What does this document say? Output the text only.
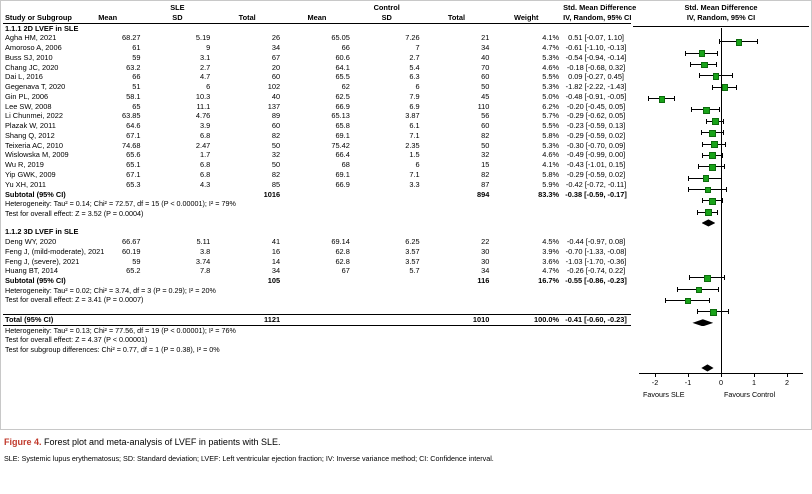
	SLE			Control				Std. Mean Difference
Study or Subgroup	Mean	SD	Total	Mean	SD	Total	Weight	IV, Random, 95% CI
1.1.1 2D LVEF in SLE								
Agha HM, 2021	68.27	5.19	26	65.05	7.26	21	4.1%	0.51 [-0.07, 1.10]
Amoroso A, 2006	61	9	34	66	7	34	4.7%	-0.61 [-1.10, -0.13]
Buss SJ, 2010	59	3.1	67	60.6	2.7	40	5.3%	-0.54 [-0.94, -0.14]
Chang JC, 2020	63.2	2.7	20	64.1	5.4	70	4.6%	-0.18 [-0.68, 0.32]
Dai L, 2016	66	4.7	60	65.5	6.3	60	5.5%	0.09 [-0.27, 0.45]
Gegenava T, 2020	51	6	102	62	6	50	5.3%	-1.82 [-2.22, -1.43]
Gin PL, 2006	58.1	10.3	40	62.5	7.9	45	5.0%	-0.48 [-0.91, -0.05]
Lee SW, 2008	65	11.1	137	66.9	6.9	110	6.2%	-0.20 [-0.45, 0.05]
Li Chunmei, 2022	63.85	4.76	89	65.13	3.87	56	5.7%	-0.29 [-0.62, 0.05]
Plazak W, 2011	64.6	3.9	60	65.8	6.1	60	5.5%	-0.23 [-0.59, 0.13]
Shang Q, 2012	67.1	6.8	82	69.1	7.1	82	5.8%	-0.29 [-0.59, 0.02]
Teixeria AC, 2010	74.68	2.47	50	75.42	2.35	50	5.3%	-0.30 [-0.70, 0.09]
Wislowska M, 2009	65.6	1.7	32	66.4	1.5	32	4.6%	-0.49 [-0.99, 0.00]
Wu R, 2019	65.1	6.8	50	68	6	15	4.1%	-0.43 [-1.01, 0.15]
Yip GWK, 2009	67.1	6.8	82	69.1	7.1	82	5.8%	-0.29 [-0.59, 0.02]
Yu XH, 2011	65.3	4.3	85	66.9	3.3	87	5.9%	-0.42 [-0.72, -0.11]
Subtotal (95% CI)			1016			894	83.3%	-0.38 [-0.59, -0.17]
Heterogeneity: Tau² = 0.14; Chi² = 72.57, df = 15 (P < 0.00001); I² = 79%								
Test for overall effect: Z = 3.52 (P = 0.0004)								

1.1.2 3D LVEF in SLE								
Deng WY, 2020	66.67	5.11	41	69.14	6.25	22	4.5%	-0.44 [-0.97, 0.08]
Feng J, (mild-moderate), 2021	60.19	3.8	16	62.8	3.57	30	3.9%	-0.70 [-1.33, -0.08]
Feng J, (severe), 2021	59	3.74	14	62.8	3.57	30	3.6%	-1.03 [-1.70, -0.36]
Huang BT, 2014	65.2	7.8	34	67	5.7	34	4.7%	-0.26 [-0.74, 0.22]
Subtotal (95% CI)			105			116	16.7%	-0.55 [-0.86, -0.23]
Heterogeneity: Tau² = 0.02; Chi² = 3.74, df = 3 (P = 0.29); I² = 20%								
Test for overall effect: Z = 3.41 (P = 0.0007)								

Total (95% CI)			1121			1010	100.0%	-0.41 [-0.60, -0.23]
Heterogeneity: Tau² = 0.13; Chi² = 77.56, df = 19 (P < 0.00001); I² = 76%								
Test for overall effect: Z = 4.37 (P < 0.00001)								
Test for subgroup differences: Chi² = 0.77, df = 1 (P = 0.38), I² = 0%								
Std. Mean Difference
IV, Random, 95% CI
-2	-1	0	1	2
Favours SLE	Favours Control
Figure 4. Forest plot and meta-analysis of LVEF in patients with SLE.
SLE: Systemic lupus erythematosus; SD: Standard deviation; LVEF: Left ventricular ejection fraction; IV: Inverse variance method; CI: Confidence interval.
